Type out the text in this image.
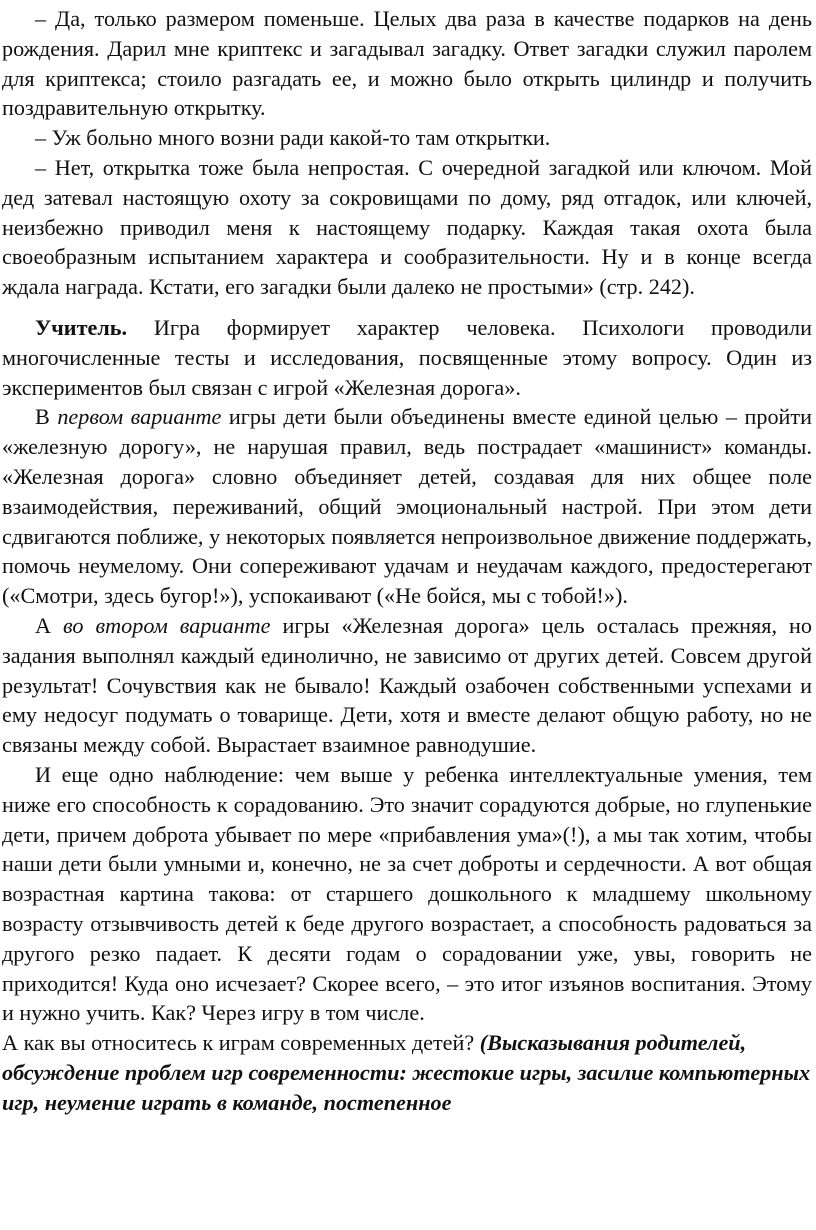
– Да, только размером поменьше. Целых два раза в качестве подарков на день рождения. Дарил мне криптекс и загадывал загадку. Ответ загадки служил паролем для криптекса; стоило разгадать ее, и можно было открыть цилиндр и получить поздравительную открытку.

– Уж больно много возни ради какой-то там открытки.

– Нет, открытка тоже была непростая. С очередной загадкой или ключом. Мой дед затевал настоящую охоту за сокровищами по дому, ряд отгадок, или ключей, неизбежно приводил меня к настоящему подарку. Каждая такая охота была своеобразным испытанием характера и сообразительности. Ну и в конце всегда ждала награда. Кстати, его загадки были далеко не простыми» (стр. 242).

Учитель. Игра формирует характер человека. Психологи проводили многочисленные тесты и исследования, посвященные этому вопросу. Один из экспериментов был связан с игрой «Железная дорога».

В первом варианте игры дети были объединены вместе единой целью – пройти «железную дорогу», не нарушая правил, ведь пострадает «машинист» команды. «Железная дорога» словно объединяет детей, создавая для них общее поле взаимодействия, переживаний, общий эмоциональный настрой. При этом дети сдвигаются поближе, у некоторых появляется непроизвольное движение поддержать, помочь неумелому. Они сопереживают удачам и неудачам каждого, предостерегают («Смотри, здесь бугор!»), успокаивают («Не бойся, мы с тобой!»).

А во втором варианте игры «Железная дорога» цель осталась прежняя, но задания выполнял каждый единолично, не зависимо от других детей. Совсем другой результат! Сочувствия как не бывало! Каждый озабочен собственными успехами и ему недосуг подумать о товарище. Дети, хотя и вместе делают общую работу, но не связаны между собой. Вырастает взаимное равнодушие.

И еще одно наблюдение: чем выше у ребенка интеллектуальные умения, тем ниже его способность к сорадованию. Это значит сорадуются добрые, но глупенькие дети, причем доброта убывает по мере «прибавления ума»(!), а мы так хотим, чтобы наши дети были умными и, конечно, не за счет доброты и сердечности. А вот общая возрастная картина такова: от старшего дошкольного к младшему школьному возрасту отзывчивость детей к беде другого возрастает, а способность радоваться за другого резко падает. К десяти годам о сорадовании уже, увы, говорить не приходится! Куда оно исчезает? Скорее всего, – это итог изъянов воспитания. Этому и нужно учить. Как? Через игру в том числе.

А как вы относитесь к играм современных детей? (Высказывания родителей,

обсуждение проблем игр современности: жестокие игры, засилие компьютерных игр, неумение играть в команде, постепенное
